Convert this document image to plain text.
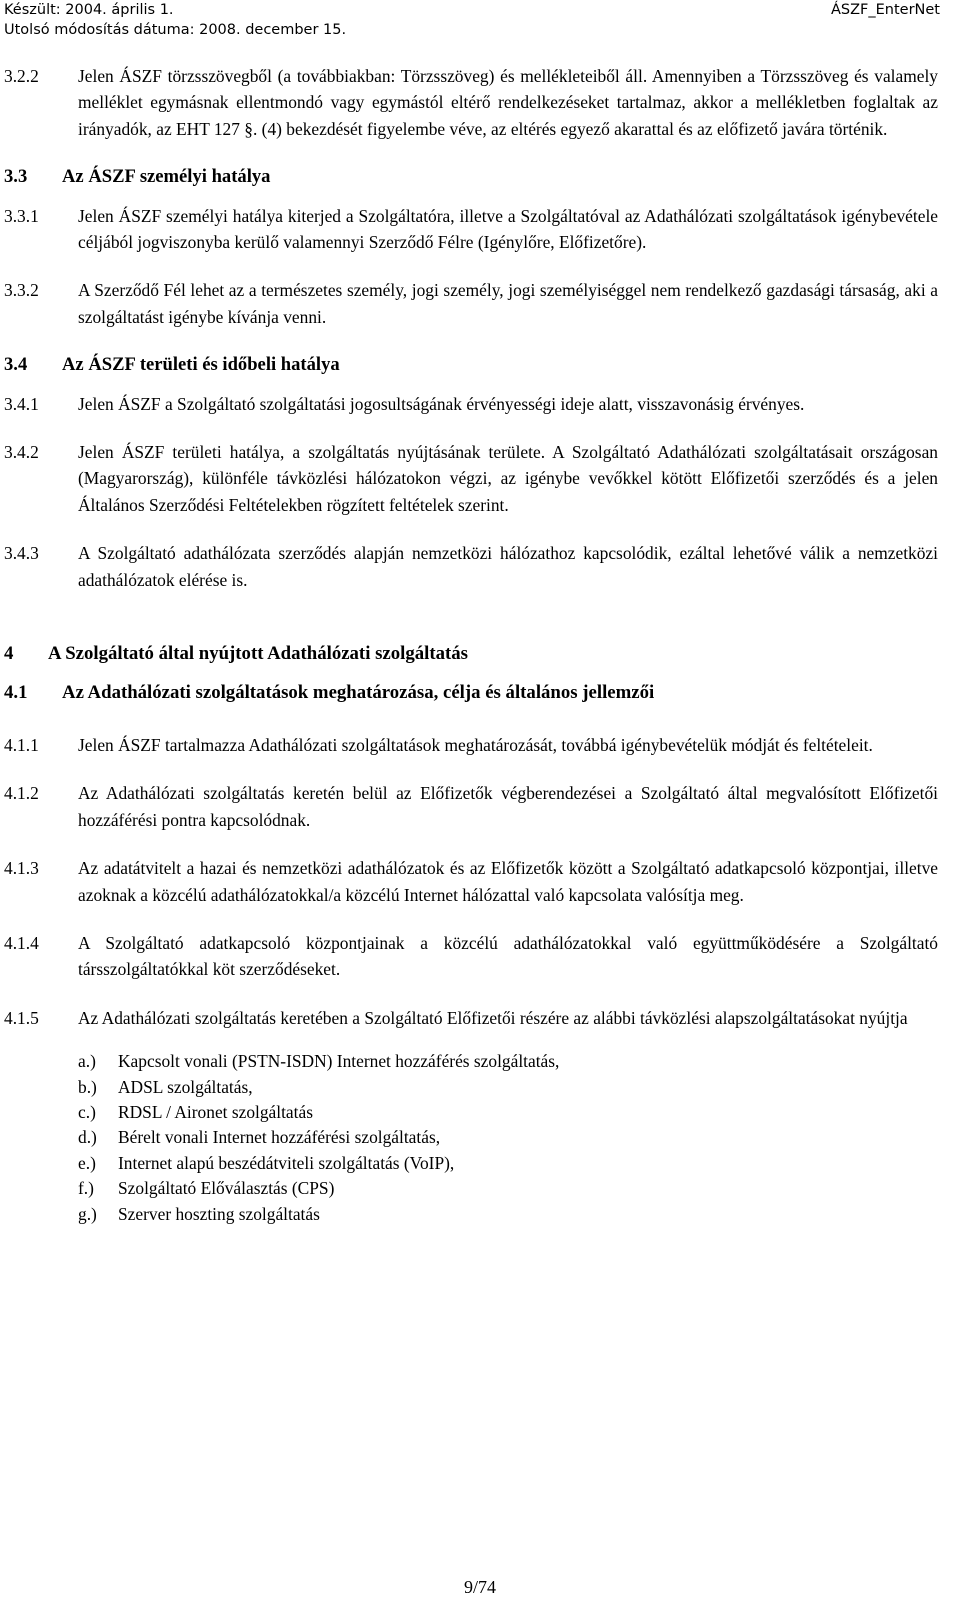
Készült: 2004. április 1.
Utolsó módosítás dátuma: 2008. december 15.
ÁSZF_EnterNet
3.2.2 Jelen ÁSZF törzsszövegből (a továbbiakban: Törzsszöveg) és mellékleteiből áll. Amennyiben a Törzsszöveg és valamely melléklet egymásnak ellentmondó vagy egymástól eltérő rendelkezéseket tartalmaz, akkor a mellékletben foglaltak az irányadók, az EHT 127 §. (4) bekezdését figyelembe véve, az eltérés egyező akarattal és az előfizető javára történik.
3.3 Az ÁSZF személyi hatálya
3.3.1 Jelen ÁSZF személyi hatálya kiterjed a Szolgáltatóra, illetve a Szolgáltatóval az Adathálózati szolgáltatások igénybevétele céljából jogviszonyba kerülő valamennyi Szerződő Félre (Igénylőre, Előfizetőre).
3.3.2 A Szerződő Fél lehet az a természetes személy, jogi személy, jogi személyiséggel nem rendelkező gazdasági társaság, aki a szolgáltatást igénybe kívánja venni.
3.4 Az ÁSZF területi és időbeli hatálya
3.4.1 Jelen ÁSZF a Szolgáltató szolgáltatási jogosultságának érvényességi ideje alatt, visszavonásig érvényes.
3.4.2 Jelen ÁSZF területi hatálya, a szolgáltatás nyújtásának területe. A Szolgáltató Adathálózati szolgáltatásait országosan (Magyarország), különféle távközlési hálózatokon végzi, az igénybe vevőkkel kötött Előfizetői szerződés és a jelen Általános Szerződési Feltételekben rögzített feltételek szerint.
3.4.3 A Szolgáltató adathálózata szerződés alapján nemzetközi hálózathoz kapcsolódik, ezáltal lehetővé válik a nemzetközi adathálózatok elérése is.
4 A Szolgáltató által nyújtott Adathálózati szolgáltatás
4.1 Az Adathálózati szolgáltatások meghatározása, célja és általános jellemzői
4.1.1 Jelen ÁSZF tartalmazza Adathálózati szolgáltatások meghatározását, továbbá igénybevételük módját és feltételeit.
4.1.2 Az Adathálózati szolgáltatás keretén belül az Előfizetők végberendezései a Szolgáltató által megvalósított Előfizetői hozzáférési pontra kapcsolódnak.
4.1.3 Az adatátvitelt a hazai és nemzetközi adathálózatok és az Előfizetők között a Szolgáltató adatkapcsoló központjai, illetve azoknak a közcélú adathálózatokkal/a közcélú Internet hálózattal való kapcsolata valósítja meg.
4.1.4 A Szolgáltató adatkapcsoló központjainak a közcélú adathálózatokkal való együttműködésére a Szolgáltató társszolgáltatókkal köt szerződéseket.
4.1.5 Az Adathálózati szolgáltatás keretében a Szolgáltató Előfizetői részére az alábbi távközlési alapszolgáltatásokat nyújtja
a.) Kapcsolt vonali (PSTN-ISDN) Internet hozzáférés szolgáltatás,
b.) ADSL szolgáltatás,
c.) RDSL / Aironet szolgáltatás
d.) Bérelt vonali Internet hozzáférési szolgáltatás,
e.) Internet alapú beszédátviteli szolgáltatás (VoIP),
f.) Szolgáltató Előválasztás (CPS)
g.) Szerver hoszting szolgáltatás
9/74
